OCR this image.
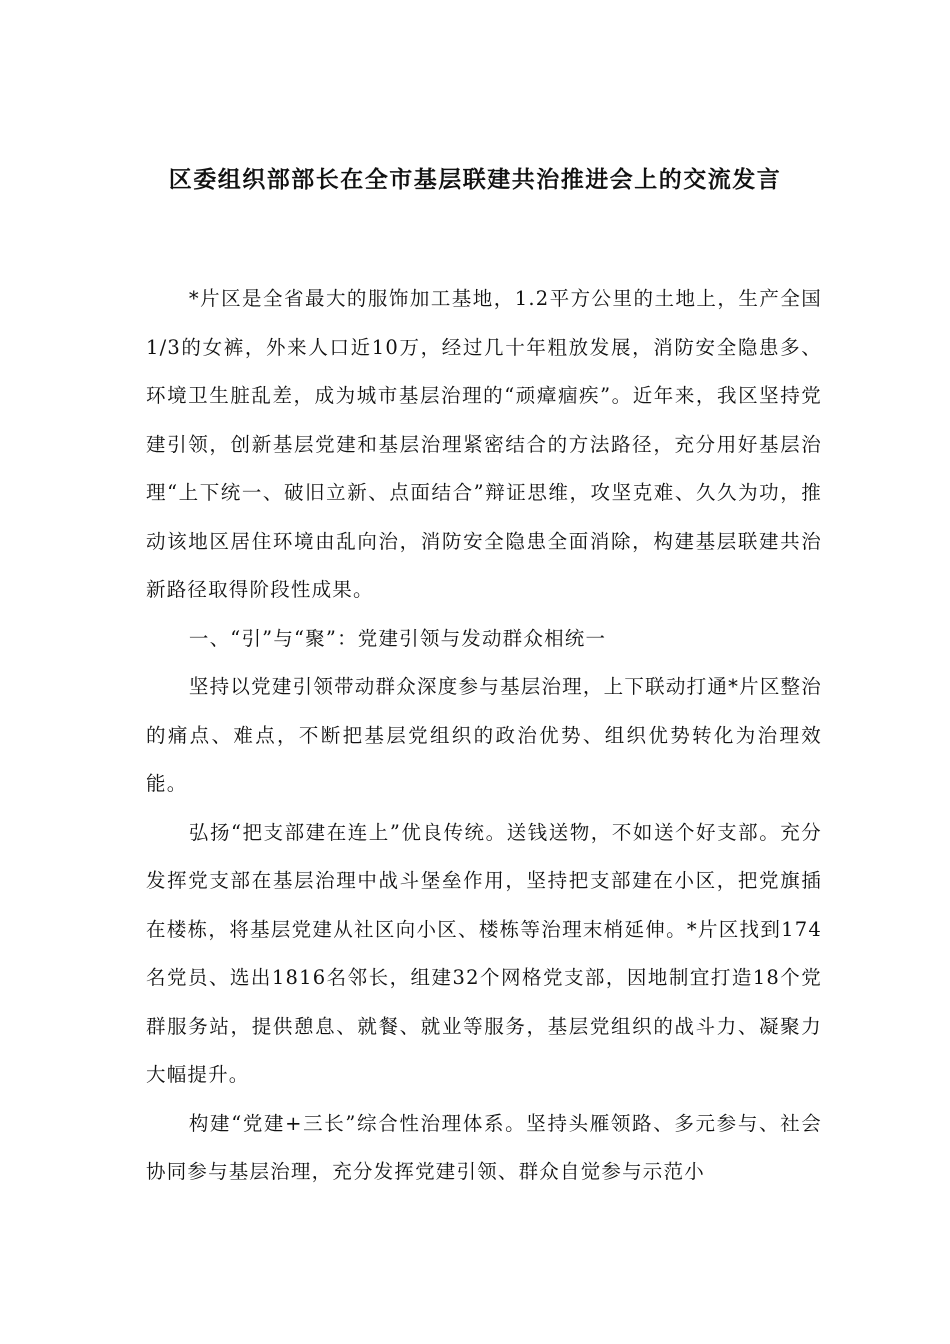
区委组织部部长在全市基层联建共治推进会上的交流发言

*片区是全省最大的服饰加工基地，1.2平方公里的土地上，生产全国1/3的女裤，外来人口近10万，经过几十年粗放发展，消防安全隐患多、环境卫生脏乱差，成为城市基层治理的“顽瘴痼疾”。近年来，我区坚持党建引领，创新基层党建和基层治理紧密结合的方法路径，充分用好基层治理“上下统一、破旧立新、点面结合”辩证思维，攻坚克难、久久为功，推动该地区居住环境由乱向治，消防安全隐患全面消除，构建基层联建共治新路径取得阶段性成果。

一、“引”与“聚”：党建引领与发动群众相统一

坚持以党建引领带动群众深度参与基层治理，上下联动打通*片区整治的痛点、难点，不断把基层党组织的政治优势、组织优势转化为治理效能。

弘扬“把支部建在连上”优良传统。送钱送物，不如送个好支部。充分发挥党支部在基层治理中战斗堡垒作用，坚持把支部建在小区，把党旗插在楼栋，将基层党建从社区向小区、楼栋等治理末梢延伸。*片区找到174名党员、选出1816名邻长，组建32个网格党支部，因地制宜打造18个党群服务站，提供憩息、就餐、就业等服务，基层党组织的战斗力、凝聚力大幅提升。

构建“党建+三长”综合性治理体系。坚持头雁领路、多元参与、社会协同参与基层治理，充分发挥党建引领、群众自觉参与示范小
